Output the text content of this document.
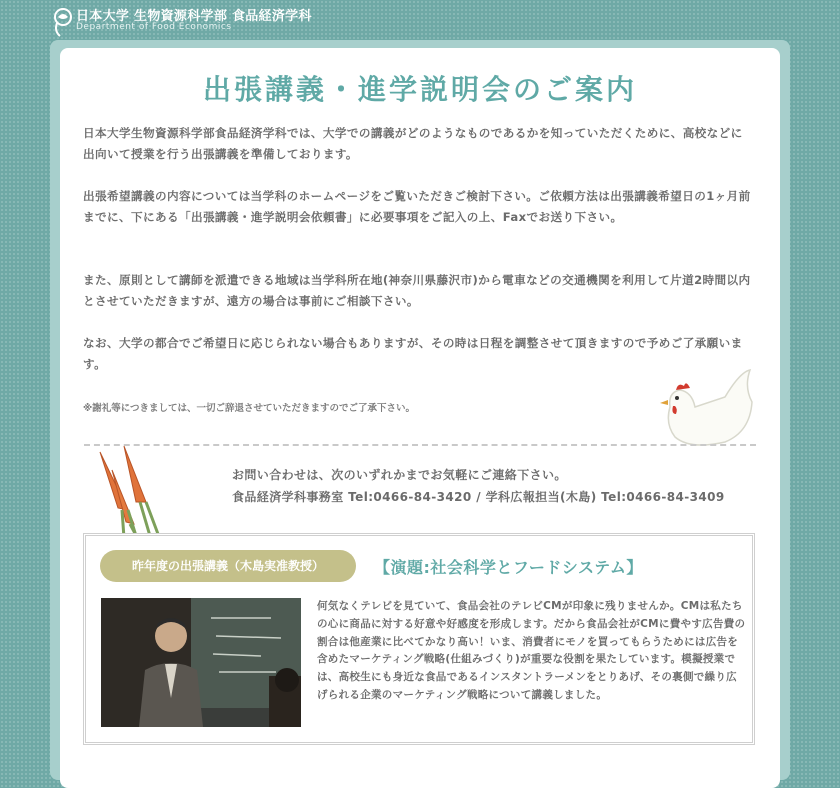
日本大学 生物資源科学部 食品経済学科
Department of Food Economics
出張講義・進学説明会のご案内

日本大学生物資源科学部食品経済学科では、大学での講義がどのようなものであるかを知っていただくために、高校などに出向いて授業を行う出張講義を準備しております。

出張希望講義の内容については当学科のホームページをご覧いただきご検討下さい。ご依頼方法は出張講義希望日の1ヶ月前までに、下にある「出張講義・進学説明会依頼書」に必要事項をご記入の上、Faxでお送り下さい。

また、原則として講師を派遣できる地域は当学科所在地(神奈川県藤沢市)から電車などの交通機関を利用して片道2時間以内とさせていただきますが、遠方の場合は事前にご相談下さい。

なお、大学の都合でご希望日に応じられない場合もありますが、その時は日程を調整させて頂きますので予めご了承願います。

※謝礼等につきましては、一切ご辞退させていただきますのでご了承下さい。

お問い合わせは、次のいずれかまでお気軽にご連絡下さい。

食品経済学科事務室 Tel:0466-84-3420 / 学科広報担当(木島) Tel:0466-84-3409

昨年度の出張講義（木島実准教授）	【演題:社会科学とフードシステム】

何気なくテレビを見ていて、食品会社のテレビCMが印象に残りませんか。CMは私たちの心に商品に対する好意や好感度を形成します。だから食品会社がCMに費やす広告費の割合は他産業に比べてかなり高い！いま、消費者にモノを買ってもらうためには広告を含めたマーケティング戦略(仕組みづくり)が重要な役割を果たしています。模擬授業では、高校生にも身近な食品であるインスタントラーメンをとりあげ、その裏側で繰り広げられる企業のマーケティング戦略について講義しました。
